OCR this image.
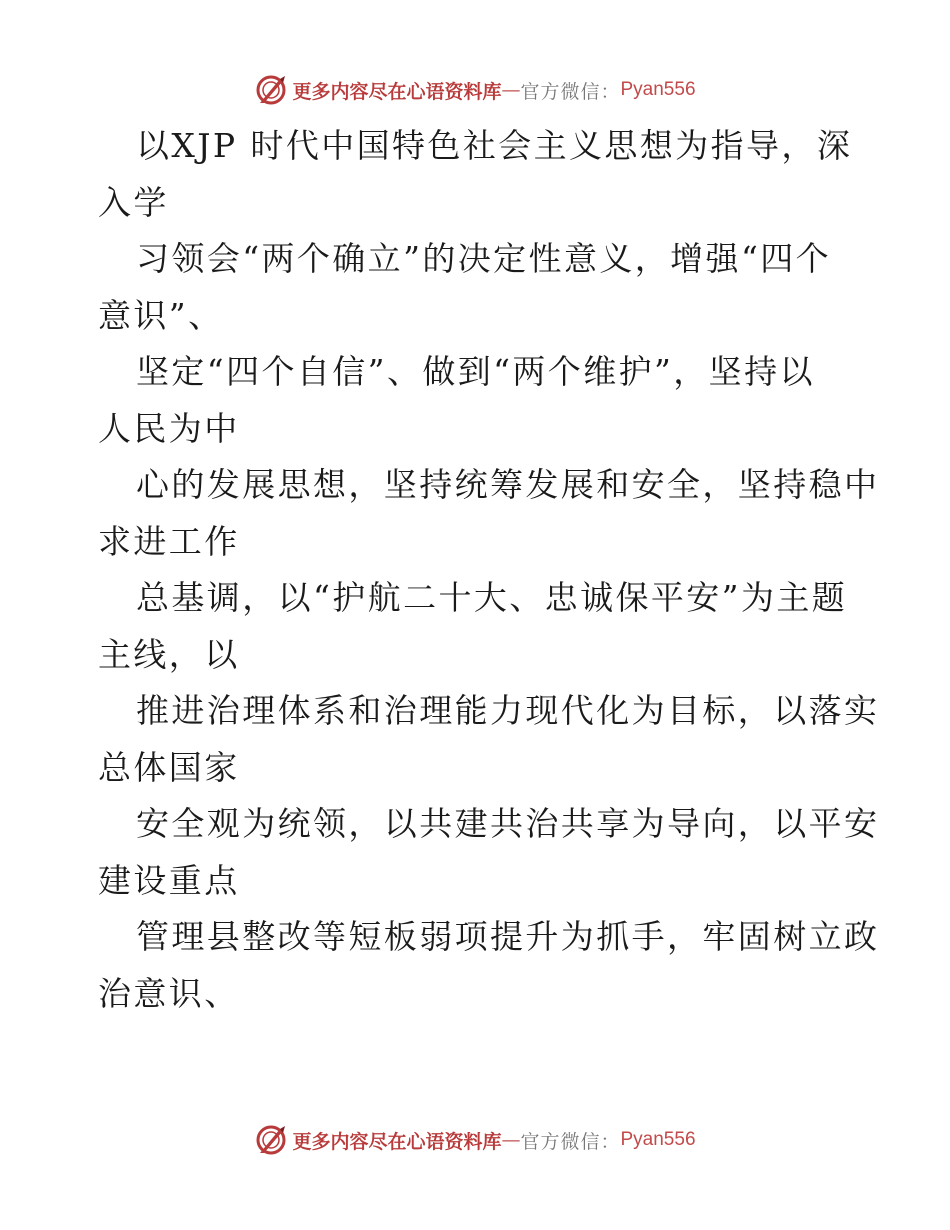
更多内容尽在心语资料库 — 官方微信： Pyan556
以XJP 时代中国特色社会主义思想为指导，深
入学
习领会“两个确立”的决定性意义，增强“四个
意识”、
坚定“四个自信”、做到“两个维护”，坚持以
人民为中
心的发展思想，坚持统筹发展和安全，坚持稳中
求进工作
总基调，以“护航二十大、忠诚保平安”为主题
主线，以
推进治理体系和治理能力现代化为目标，以落实
总体国家
安全观为统领，以共建共治共享为导向，以平安
建设重点
管理县整改等短板弱项提升为抓手，牢固树立政
治意识、
更多内容尽在心语资料库 — 官方微信： Pyan556
